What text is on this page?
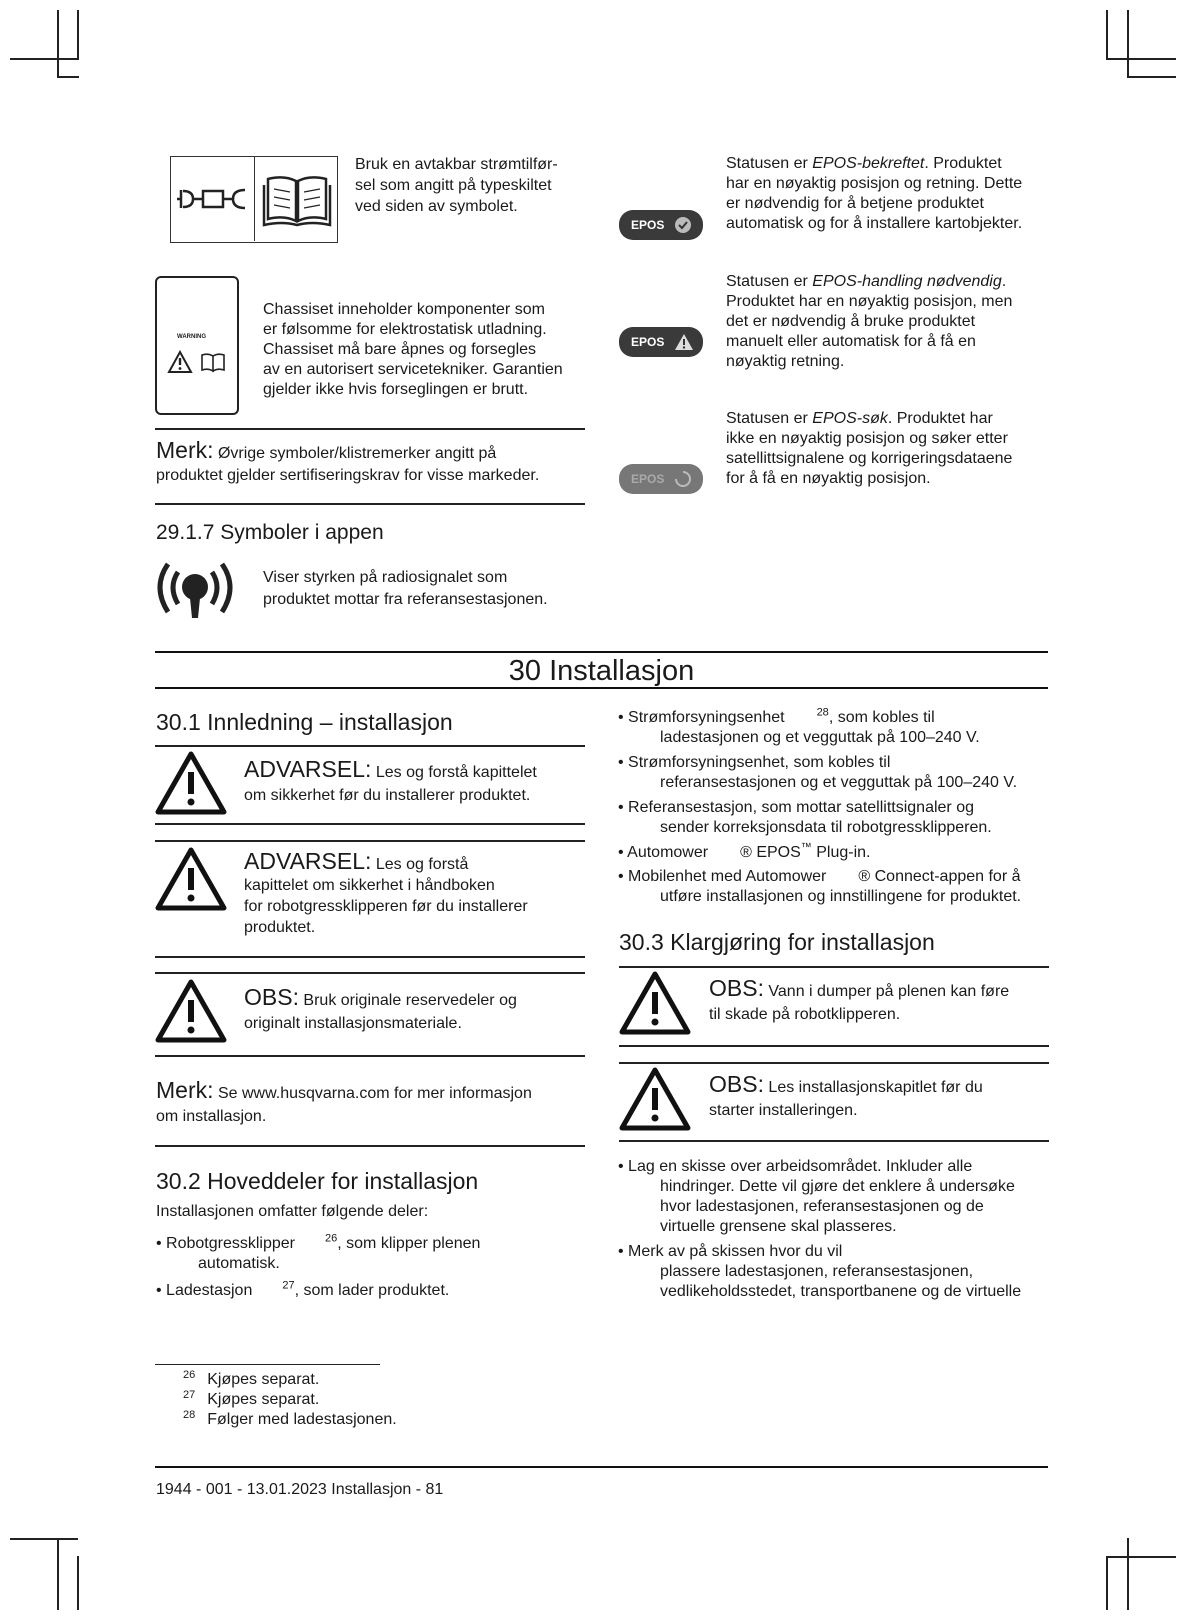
Bruk en avtakbar strømtilfør-
sel som angitt på typeskiltet
ved siden av symbolet.
WARNING
Chassiset inneholder komponenter som
er følsomme for elektrostatisk utladning.
Chassiset må bare åpnes og forsegles
av en autorisert servicetekniker. Garantien
gjelder ikke hvis forseglingen er brutt.
Merk: Øvrige symboler/klistremerker angitt på
produktet gjelder sertifiseringskrav for visse markeder.
EPOS
Statusen er EPOS-bekreftet. Produktet
har en nøyaktig posisjon og retning. Dette
er nødvendig for å betjene produktet
automatisk og for å installere kartobjekter.
EPOS
Statusen er EPOS-handling nødvendig.
Produktet har en nøyaktig posisjon, men
det er nødvendig å bruke produktet
manuelt eller automatisk for å få en
nøyaktig retning.
EPOS
Statusen er EPOS-søk. Produktet har
ikke en nøyaktig posisjon og søker etter
satellittsignalene og korrigeringsdataene
for å få en nøyaktig posisjon.
29.1.7 Symboler i appen
Viser styrken på radiosignalet som
produktet mottar fra referansestasjonen.
30 Installasjon
30.1 Innledning – installasjon
ADVARSEL: Les og forstå kapittelet
om sikkerhet før du installerer produktet.
ADVARSEL: Les og forstå
kapittelet om sikkerhet i håndboken
for robotgressklipperen før du installerer
produktet.
OBS: Bruk originale reservedeler og
originalt installasjonsmateriale.
Merk: Se www.husqvarna.com for mer informasjon
om installasjon.
30.2 Hoveddeler for installasjon
Installasjonen omfatter følgende deler:
• Robotgressklipper	$^{26}$, som klipper plenen
automatisk.
• Ladestasjon	$^{27}$, som lader produktet.
• Strømforsyningsenhet	$^{28}$, som kobles til
ladestasjonen og et vegguttak på 100–240 V.
• Strømforsyningsenhet, som kobles til
referansestasjonen og et vegguttak på 100–240 V.
• Referansestasjon, som mottar satellittsignaler og
sender korreksjonsdata til robotgressklipperen.
• Automower ® EPOS™ Plug-in.
• Mobilenhet med Automower ® Connect-appen for å
utføre installasjonen og innstillingene for produktet.
30.3 Klargjøring for installasjon
OBS: Vann i dumper på plenen kan føre
til skade på robotklipperen.
OBS: Les installasjonskapitlet før du
starter installeringen.
• Lag en skisse over arbeidsområdet. Inkluder alle
hindringer. Dette vil gjøre det enklere å undersøke
hvor ladestasjonen, referansestasjonen og de
virtuelle grensene skal plasseres.
• Merk av på skissen hvor du vil
plassere ladestasjonen, referansestasjonen,
vedlikeholdsstedet, transportbanene og de virtuelle
$^{26}$ Kjøpes separat.
$^{27}$ Kjøpes separat.
$^{28}$ Følger med ladestasjonen.
1944 - 001 - 13.01.2023 Installasjon - 81
